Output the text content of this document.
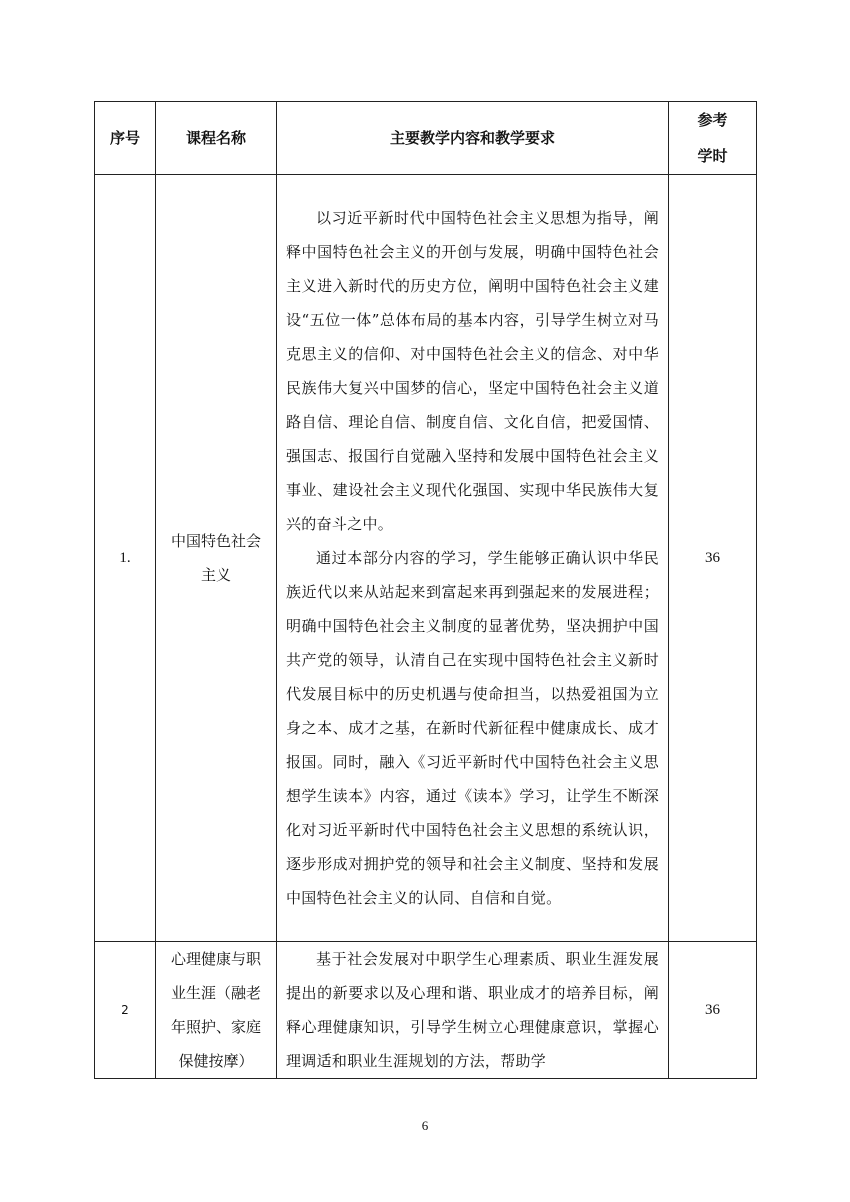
序号	课程名称	主要教学内容和教学要求	参考
学时

1.	中国特色社会主义	以习近平新时代中国特色社会主义思想为指导，阐释中国特色社会主义的开创与发展，明确中国特色社会主义进入新时代的历史方位，阐明中国特色社会主义建设“五位一体”总体布局的基本内容，引导学生树立对马克思主义的信仰、对中国特色社会主义的信念、对中华民族伟大复兴中国梦的信心，坚定中国特色社会主义道路自信、理论自信、制度自信、文化自信，把爱国情、强国志、报国行自觉融入坚持和发展中国特色社会主义事业、建设社会主义现代化强国、实现中华民族伟大复兴的奋斗之中。

通过本部分内容的学习，学生能够正确认识中华民族近代以来从站起来到富起来再到强起来的发展进程；明确中国特色社会主义制度的显著优势，坚决拥护中国共产党的领导，认清自己在实现中国特色社会主义新时代发展目标中的历史机遇与使命担当，以热爱祖国为立身之本、成才之基，在新时代新征程中健康成长、成才报国。同时，融入《习近平新时代中国特色社会主义思想学生读本》内容，通过《读本》学习，让学生不断深化对习近平新时代中国特色社会主义思想的系统认识，逐步形成对拥护党的领导和社会主义制度、坚持和发展中国特色社会主义的认同、自信和自觉。	36
2	心理健康与职业生涯（融老年照护、家庭保健按摩）	基于社会发展对中职学生心理素质、职业生涯发展提出的新要求以及心理和谐、职业成才的培养目标，阐释心理健康知识，引导学生树立心理健康意识，掌握心理调适和职业生涯规划的方法，帮助学	36
6
